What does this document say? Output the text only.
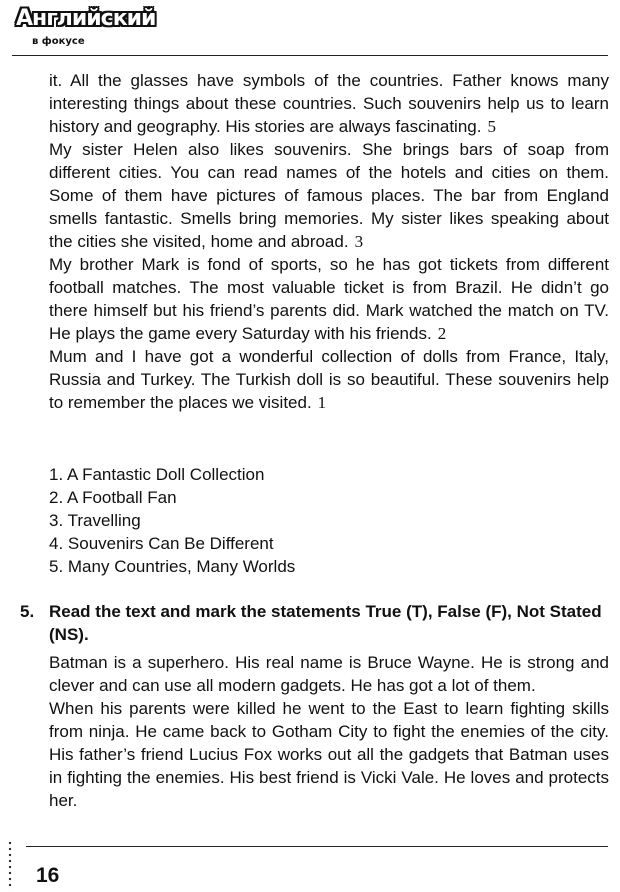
Английский
в фокусе

it. All the glasses have symbols of the countries. Father knows many interesting things about these countries. Such souvenirs help us to learn history and geography. His stories are always fascinating. 5

My sister Helen also likes souvenirs. She brings bars of soap from different cities. You can read names of the hotels and cities on them. Some of them have pictures of famous places. The bar from England smells fantastic. Smells bring memories. My sister likes speaking about the cities she visited, home and abroad. 3

My brother Mark is fond of sports, so he has got tickets from different football matches. The most valuable ticket is from Brazil. He didn’t go there himself but his friend’s parents did. Mark watched the match on TV. He plays the game every Saturday with his friends. 2

Mum and I have got a wonderful collection of dolls from France, Italy, Russia and Turkey. The Turkish doll is so beautiful. These souvenirs help to remember the places we visited. 1

1. A Fantastic Doll Collection
2. A Football Fan
3. Travelling
4. Souvenirs Can Be Different
5. Many Countries, Many Worlds
5. Read the text and mark the statements True (T), False (F), Not Stated (NS).

Batman is a superhero. His real name is Bruce Wayne. He is strong and clever and can use all modern gadgets. He has got a lot of them.

When his parents were killed he went to the East to learn fighting skills from ninja. He came back to Gotham City to fight the enemies of the city. His father’s friend Lucius Fox works out all the gadgets that Batman uses in fighting the enemies. His best friend is Vicki Vale. He loves and protects her.

16
